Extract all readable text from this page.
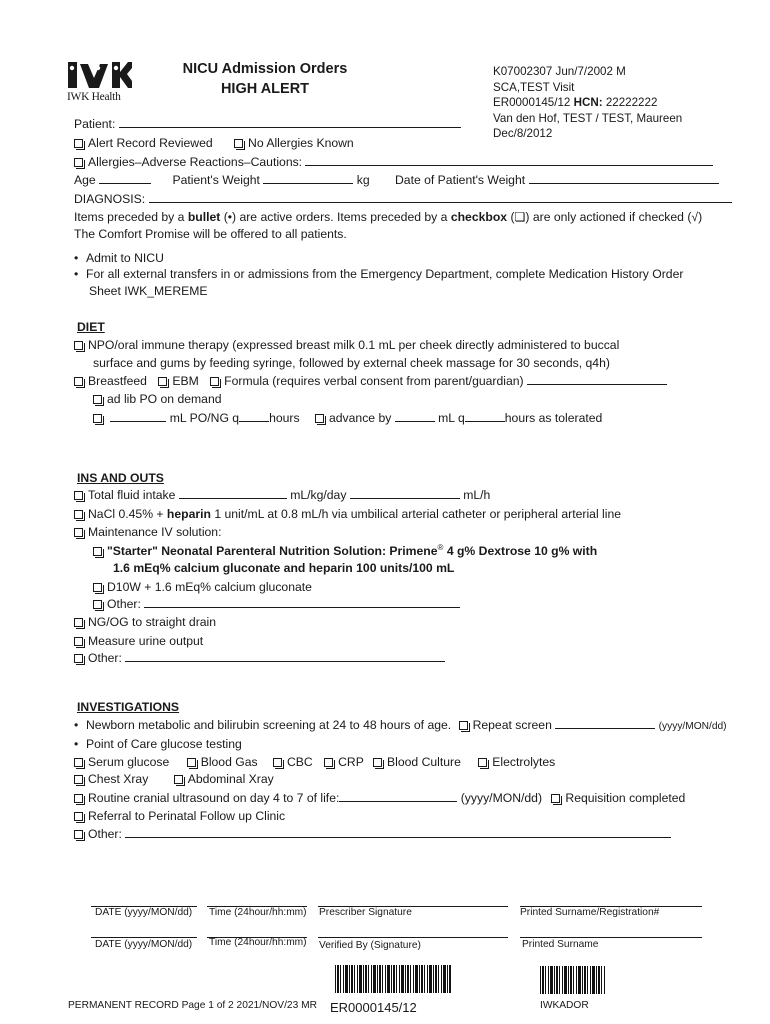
IWK Health
NICU Admission Orders
HIGH ALERT
K07002307 Jun/7/2002 M
SCA,TEST Visit
ER0000145/12 HCN: 22222222
Van den Hof, TEST / TEST, Maureen
Dec/8/2012
Patient:
Alert Record Reviewed	No Allergies Known
Allergies–Adverse Reactions–Cautions:
Age	Patient's Weight	kg Date of Patient's Weight
DIAGNOSIS:
Items preceded by a bullet (•) are active orders. Items preceded by a checkbox (❏) are only actioned if checked (√)
The Comfort Promise will be offered to all patients.
• Admit to NICU
• For all external transfers in or admissions from the Emergency Department, complete Medication History Order
Sheet IWK_MEREME
DIET
NPO/oral immune therapy (expressed breast milk 0.1 mL per cheek directly administered to buccal
surface and gums by feeding syringe, followed by external cheek massage for 30 seconds, q4h)
Breastfeed EBM Formula (requires verbal consent from parent/guardian)
ad lib PO on demand
mL PO/NG q hours advance by	mL q	hours as tolerated
INS AND OUTS
Total fluid intake	mL/kg/day	mL/h
NaCl 0.45% + heparin 1 unit/mL at 0.8 mL/h via umbilical arterial catheter or peripheral arterial line
Maintenance IV solution:
"Starter" Neonatal Parenteral Nutrition Solution: Primene® 4 g% Dextrose 10 g% with
1.6 mEq% calcium gluconate and heparin 100 units/100 mL
D10W + 1.6 mEq% calcium gluconate
Other:
NG/OG to straight drain
Measure urine output
Other:
INVESTIGATIONS
• Newborn metabolic and bilirubin screening at 24 to 48 hours of age. Repeat screen	(yyyy/MON/dd)
• Point of Care glucose testing
Serum glucose	Blood Gas CBC CRP Blood Culture	Electrolytes
Chest Xray	Abdominal Xray
Routine cranial ultrasound on day 4 to 7 of life:	(yyyy/MON/dd) Requisition completed
Referral to Perinatal Follow up Clinic
Other:
DATE (yyyy/MON/dd) Time (24hour/hh:mm) Prescriber Signature	Printed Surname/Registration#
DATE (yyyy/MON/dd) Time (24hour/hh:mm) Verified By (Signature)	Printed Surname
PERMANENT RECORD Page 1 of 2 2021/NOV/23 MR ER0000145/12	IWKADOR
